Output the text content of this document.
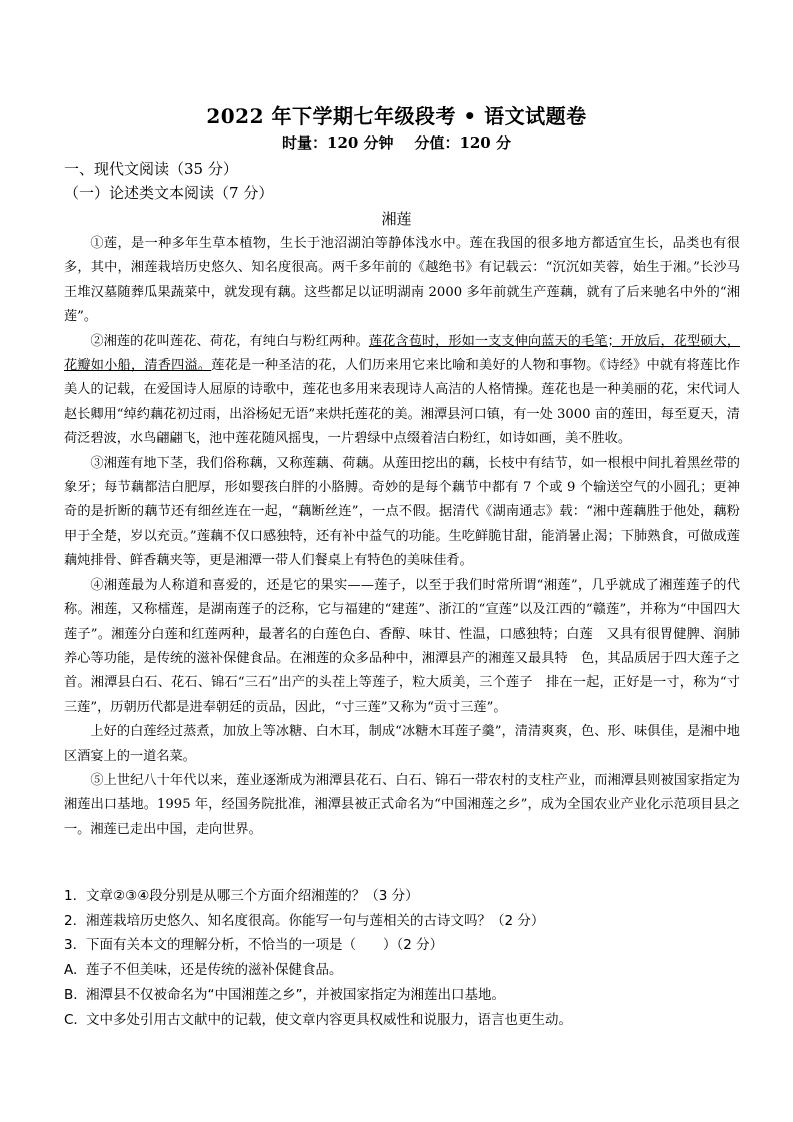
2022 年下学期七年级段考 • 语文试题卷
时量：120 分钟    分值：120 分
一、现代文阅读（35 分）
（一）论述类文本阅读（7 分）
湘莲

①莲，是一种多年生草本植物，生长于池沼湖泊等静体浅水中。莲在我国的很多地方都适宜生长，品类也有很多，其中，湘莲栽培历史悠久、知名度很高。两千多年前的《越绝书》有记载云：“沉沉如芙蓉，始生于湘。”长沙马王堆汉墓随葬瓜果蔬菜中，就发现有藕。这些都足以证明湖南 2000 多年前就生产莲藕，就有了后来驰名中外的“湘莲”。

②湘莲的花叫莲花、荷花，有纯白与粉红两种。莲花含苞时，形如一支支伸向蓝天的毛笔；开放后，花型硕大，花瓣如小船，清香四溢。莲花是一种圣洁的花，人们历来用它来比喻和美好的人物和事物。《诗经》中就有将莲比作美人的记载，在爱国诗人屈原的诗歌中，莲花也多用来表现诗人高洁的人格情操。莲花也是一种美丽的花，宋代词人赵长卿用“绰约藕花初过雨，出浴杨妃无语”来烘托莲花的美。湘潭县河口镇，有一处 3000 亩的莲田，每至夏天，清荷泛碧波，水鸟翩翩飞，池中莲花随风摇曳，一片碧绿中点缀着洁白粉红，如诗如画，美不胜收。

③湘莲有地下茎，我们俗称藕，又称莲藕、荷藕。从莲田挖出的藕，长枝中有结节，如一根根中间扎着黑丝带的象牙；每节藕都洁白肥厚，形如婴孩白胖的小胳膊。奇妙的是每个藕节中都有 7 个或 9 个输送空气的小圆孔；更神奇的是折断的藕节还有细丝连在一起，“藕断丝连”，一点不假。据清代《湖南通志》载：“湘中莲藕胜于他处，藕粉甲于全楚，岁以充贡。”莲藕不仅口感独特，还有补中益气的功能。生吃鲜脆甘甜，能消暑止渴；下肺熟食，可做成莲藕炖排骨、鲜香藕夹等，更是湘潭一带人们餐桌上有特色的美味佳肴。

④湘莲最为人称道和喜爱的，还是它的果实——莲子，以至于我们时常所谓“湘莲”，几乎就成了湘莲莲子的代称。湘莲，又称檑莲，是湖南莲子的泛称，它与福建的“建莲”、浙江的“宣莲”以及江西的“赣莲”，并称为“中国四大莲子”。湘莲分白莲和红莲两种，最著名的白莲色白、香醇、味甘、性温，口感独特；白莲　又具有很胃健脾、润肺养心等功能，是传统的滋补保健食品。在湘莲的众多品种中，湘潭县产的湘莲又最具特　色，其品质居于四大莲子之首。湘潭县白石、花石、锦石“三石”出产的头茬上等莲子，粒大质美，三个莲子　排在一起，正好是一寸，称为“寸三莲”，历朝历代都是进奉朝廷的贡品，因此，“寸三莲”又称为“贡寸三莲”。

上好的白莲经过蒸煮，加放上等冰糖、白木耳，制成“冰糖木耳莲子羹”，清清爽爽，色、形、味俱佳，是湘中地区酒宴上的一道名菜。

⑤上世纪八十年代以来，莲业逐渐成为湘潭县花石、白石、锦石一带农村的支柱产业，而湘潭县则被国家指定为湘莲出口基地。1995 年，经国务院批准，湘潭县被正式命名为“中国湘莲之乡”，成为全国农业产业化示范项目县之一。湘莲已走出中国，走向世界。

1. 文章②③④段分别是从哪三个方面介绍湘莲的？（3 分）

2. 湘莲栽培历史悠久、知名度很高。你能写一句与莲相关的古诗文吗？（2 分）

3. 下面有关本文的理解分析，不恰当的一项是（　　）（2 分）

A. 莲子不但美味，还是传统的滋补保健食品。

B. 湘潭县不仅被命名为“中国湘莲之乡”，并被国家指定为湘莲出口基地。

C. 文中多处引用古文献中的记载，使文章内容更具权威性和说服力，语言也更生动。
